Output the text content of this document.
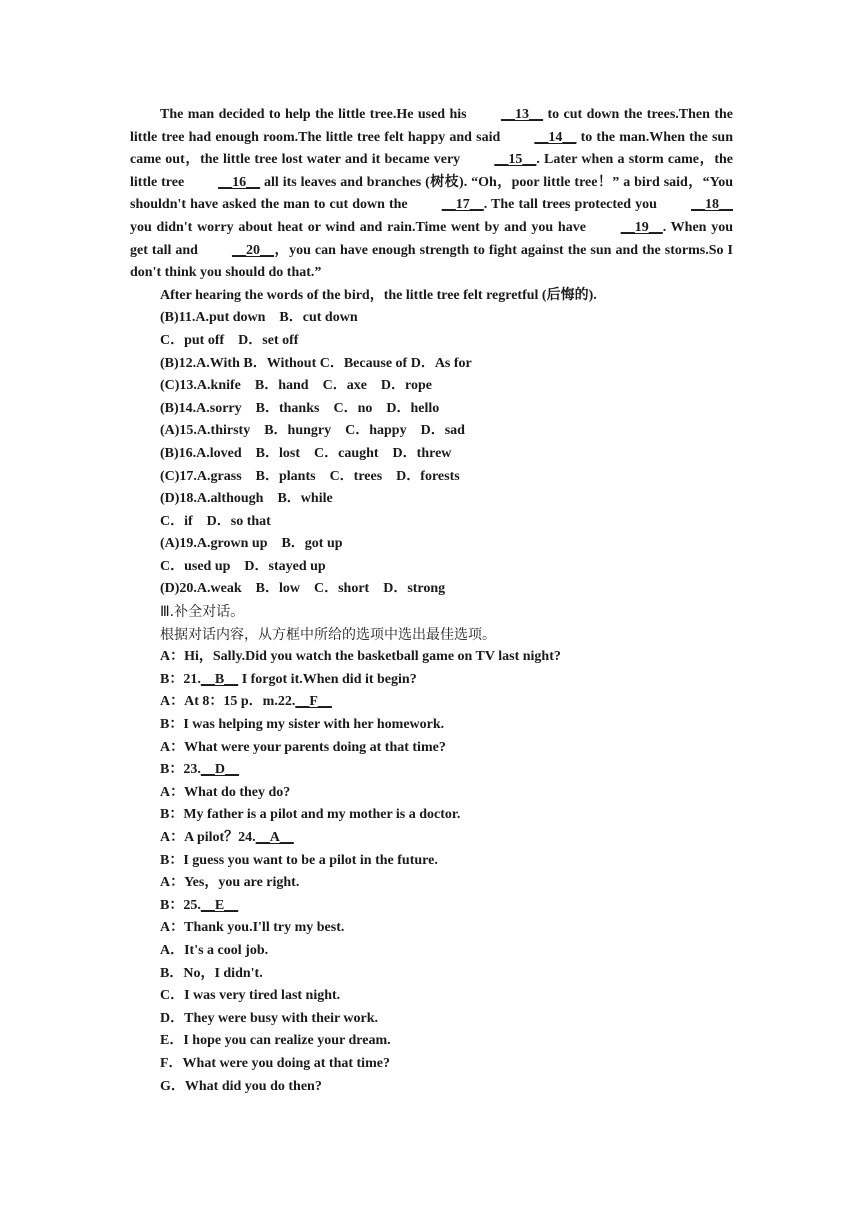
The man decided to help the little tree.He used his __13__ to cut down the trees.Then the little tree had enough room.The little tree felt happy and said __14__ to the man.When the sun came out，the little tree lost water and it became very __15__. Later when a storm came，the little tree __16__ all its leaves and branches (树枝). “Oh，poor little tree！” a bird said，“You shouldn't have asked the man to cut down the __17__. The tall trees protected you __18__ you didn't worry about heat or wind and rain.Time went by and you have __19__. When you get tall and __20__，you can have enough strength to fight against the sun and the storms.So I don't think you should do that.”
After hearing the words of the bird，the little tree felt regretful (后悔的).
(B)11.A.put down　B．cut down
C．put off　D．set off
(B)12.A.With B．Without C．Because of D．As for
(C)13.A.knife　B．hand　C．axe　D．rope
(B)14.A.sorry　B．thanks　C．no　D．hello
(A)15.A.thirsty　B．hungry　C．happy　D．sad
(B)16.A.loved　B．lost　C．caught　D．threw
(C)17.A.grass　B．plants　C．trees　D．forests
(D)18.A.although　B．while
C．if　D．so that
(A)19.A.grown up　B．got up
C．used up　D．stayed up
(D)20.A.weak　B．low　C．short　D．strong
Ⅲ.补全对话。
根据对话内容，从方框中所给的选项中选出最佳选项。
A：Hi，Sally.Did you watch the basketball game on TV last night?
B：21.__B__ I forgot it.When did it begin?
A：At 8：15 p．m.22.__F__
B：I was helping my sister with her homework.
A：What were your parents doing at that time?
B：23.__D__
A：What do they do?
B：My father is a pilot and my mother is a doctor.
A：A pilot？24.__A__
B：I guess you want to be a pilot in the future.
A：Yes，you are right.
B：25.__E__
A：Thank you.I'll try my best.
A．It's a cool job.
B．No，I didn't.
C．I was very tired last night.
D．They were busy with their work.
E．I hope you can realize your dream.
F．What were you doing at that time?
G．What did you do then?
